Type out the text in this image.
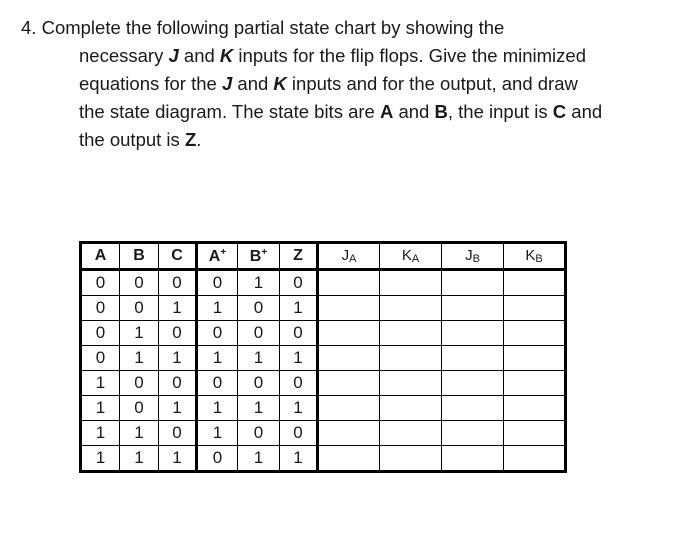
4. Complete the following partial state chart by showing the
necessary J and K inputs for the flip flops. Give the minimized
equations for the J and K inputs and for the output, and draw
the state diagram. The state bits are A and B, the input is C and
the output is Z.
A	B	C	A+	B+	Z	$J_A$	$K_A$	$J_B$	$K_B$
0	0	0	0	1	0				
0	0	1	1	0	1				
0	1	0	0	0	0				
0	1	1	1	1	1				
1	0	0	0	0	0				
1	0	1	1	1	1				
1	1	0	1	0	0				
1	1	1	0	1	1				
